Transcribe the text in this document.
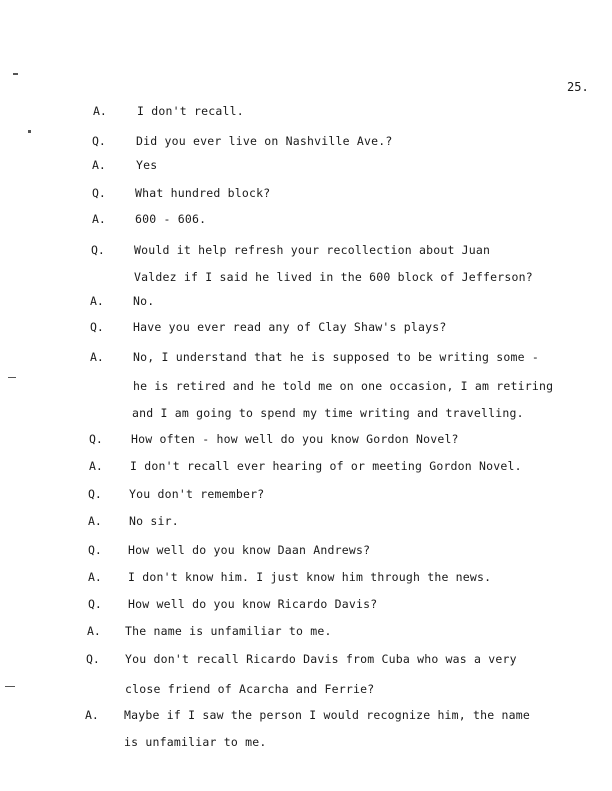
25.
A.	I don't recall.
Q.	Did you ever live on Nashville Ave.?
A.	Yes
Q.	What hundred block?
A.	600 - 606.
Q.	Would it help refresh your recollection about Juan
Valdez if I said he lived in the 600 block of Jefferson?
A.	No.
Q.	Have you ever read any of Clay Shaw's plays?
A.	No, I understand that he is supposed to be writing some -
he is retired and he told me on one occasion, I am retiring
and I am going to spend my time writing and travelling.
Q. How often - how well do you know Gordon Novel?
A. I don't recall ever hearing of or meeting Gordon Novel.
Q. You don't remember?
A. No sir.
Q. How well do you know Daan Andrews?
A. I don't know him. I just know him through the news.
Q. How well do you know Ricardo Davis?
A. The name is unfamiliar to me.
Q. You don't recall Ricardo Davis from Cuba who was a very
close friend of Acarcha and Ferrie?
A. Maybe if I saw the person I would recognize him, the name
is unfamiliar to me.
